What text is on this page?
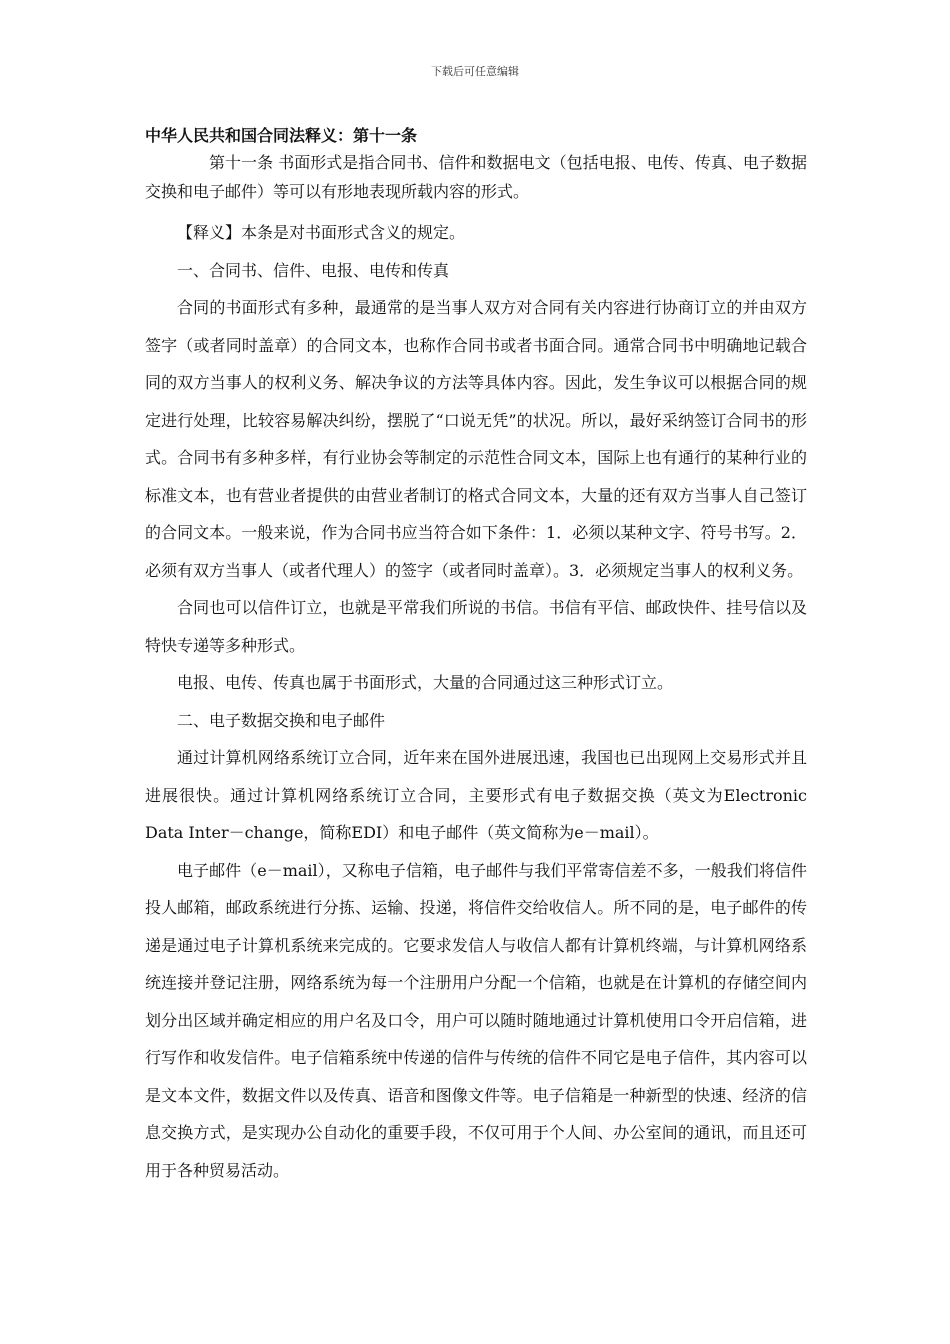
下载后可任意编辑

中华人民共和国合同法释义：第十一条

第十一条 书面形式是指合同书、信件和数据电文（包括电报、电传、传真、电子数据交换和电子邮件）等可以有形地表现所载内容的形式。

【释义】本条是对书面形式含义的规定。

一、合同书、信件、电报、电传和传真

合同的书面形式有多种，最通常的是当事人双方对合同有关内容进行协商订立的并由双方签字（或者同时盖章）的合同文本，也称作合同书或者书面合同。通常合同书中明确地记载合同的双方当事人的权利义务、解决争议的方法等具体内容。因此，发生争议可以根据合同的规定进行处理，比较容易解决纠纷，摆脱了“口说无凭”的状况。所以，最好采纳签订合同书的形式。合同书有多种多样，有行业协会等制定的示范性合同文本，国际上也有通行的某种行业的标准文本，也有营业者提供的由营业者制订的格式合同文本，大量的还有双方当事人自己签订的合同文本。一般来说，作为合同书应当符合如下条件：1．必须以某种文字、符号书写。2．必须有双方当事人（或者代理人）的签字（或者同时盖章）。3．必须规定当事人的权利义务。

合同也可以信件订立，也就是平常我们所说的书信。书信有平信、邮政快件、挂号信以及特快专递等多种形式。

电报、电传、传真也属于书面形式，大量的合同通过这三种形式订立。

二、电子数据交换和电子邮件

通过计算机网络系统订立合同，近年来在国外进展迅速，我国也已出现网上交易形式并且进展很快。通过计算机网络系统订立合同，主要形式有电子数据交换（英文为Electronic Data Inter－change，简称EDI）和电子邮件（英文简称为e－mail）。

电子邮件（e－mail），又称电子信箱，电子邮件与我们平常寄信差不多，一般我们将信件投人邮箱，邮政系统进行分拣、运输、投递，将信件交给收信人。所不同的是，电子邮件的传递是通过电子计算机系统来完成的。它要求发信人与收信人都有计算机终端，与计算机网络系统连接并登记注册，网络系统为每一个注册用户分配一个信箱，也就是在计算机的存储空间内划分出区域并确定相应的用户名及口令，用户可以随时随地通过计算机使用口令开启信箱，进行写作和收发信件。电子信箱系统中传递的信件与传统的信件不同它是电子信件，其内容可以是文本文件，数据文件以及传真、语音和图像文件等。电子信箱是一种新型的快速、经济的信息交换方式，是实现办公自动化的重要手段，不仅可用于个人间、办公室间的通讯，而且还可用于各种贸易活动。
